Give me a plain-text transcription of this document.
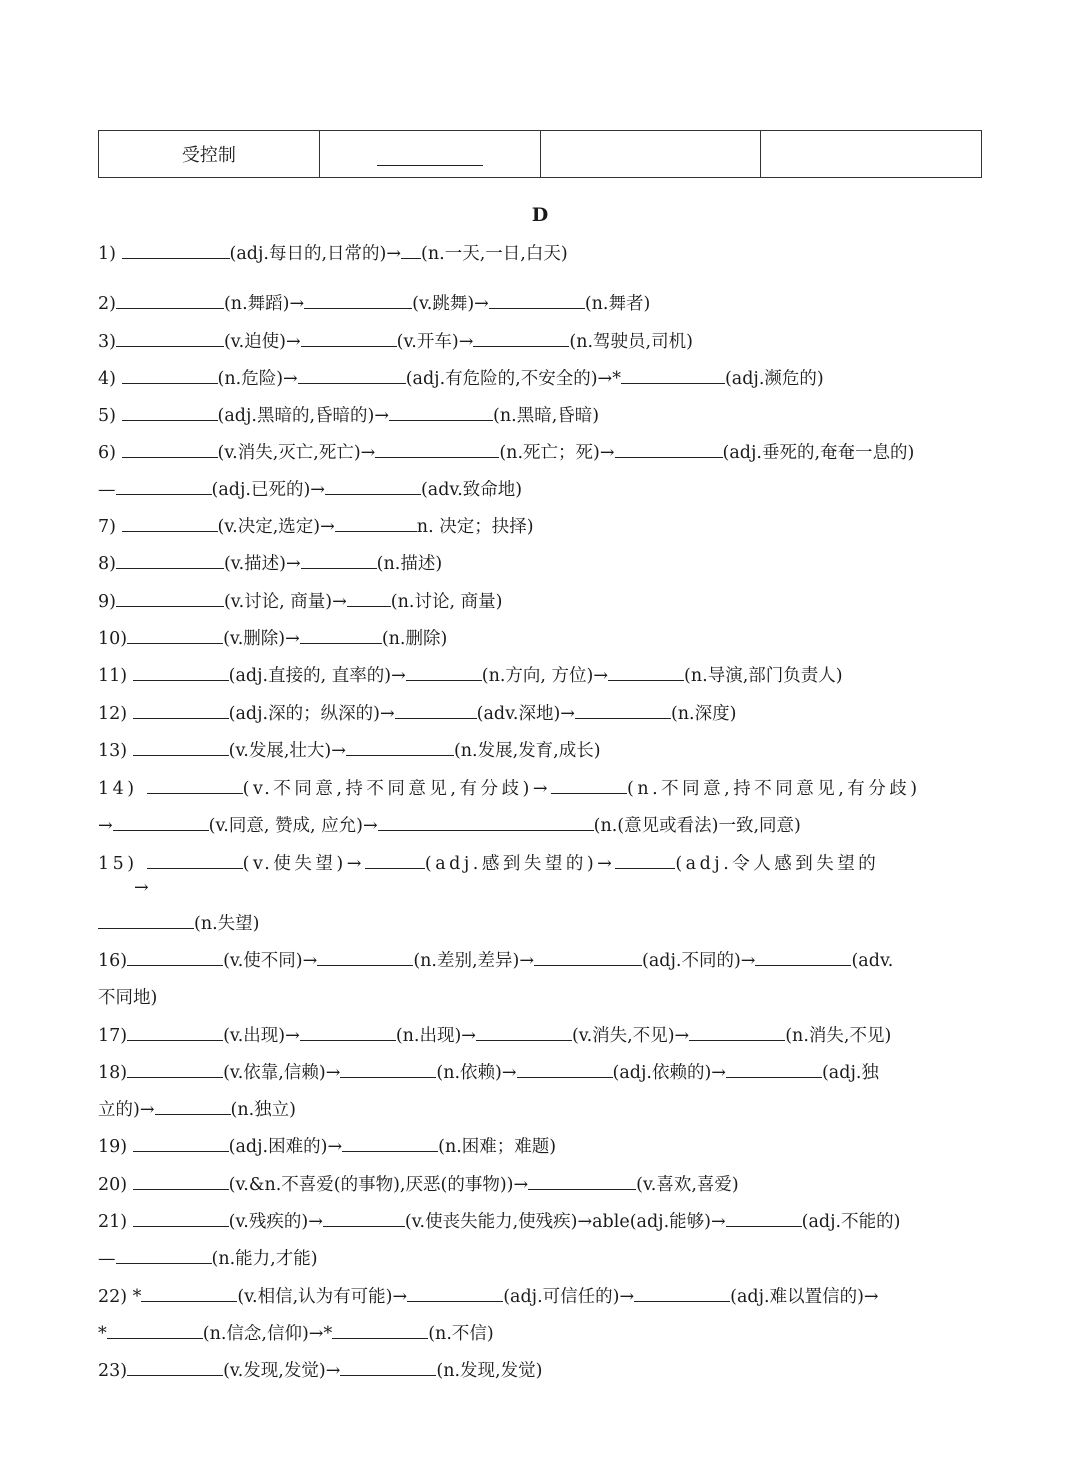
受控制
D
1)	(adj.每日的,日常的)→ (n.一天,一日,白天)
2)	(n.舞蹈)→	(v.跳舞)→	(n.舞者)
3)	(v.迫使)→	(v.开车)→	(n.驾驶员,司机)
4)	(n.危险)→	(adj.有危险的,不安全的)→*	(adj.濒危的)
5)	(adj.黑暗的,昏暗的)→	(n.黑暗,昏暗)
6)	(v.消失,灭亡,死亡)→	(n.死亡；死)→	(adj.垂死的,奄奄一息的)
—	(adj.已死的)→	(adv.致命地)
7)	(v.决定,选定)→	n. 决定；抉择)
8)	(v.描述)→	(n.描述)
9)	(v.讨论, 商量)→	(n.讨论, 商量)
10)	(v.删除)→	(n.删除)
11)	(adj.直接的, 直率的)→	(n.方向, 方位)→	(n.导演,部门负责人)
12)	(adj.深的；纵深的)→	(adv.深地)→	(n.深度)
13)	(v.发展,壮大)→	(n.发展,发育,成长)
14)	(v.不同意,持不同意见,有分歧)→	(n.不同意,持不同意见,有分歧)
→	(v.同意, 赞成, 应允)→	(n.(意见或看法)一致,同意)
15)	(v.使失望)→	(adj.感到失望的)→	(adj.令人感到失望的
→
(n.失望)
16)	(v.使不同)→	(n.差别,差异)→	(adj.不同的)→	(adv.
不同地)
17)	(v.出现)→	(n.出现)→	(v.消失,不见)→	(n.消失,不见)
18)	(v.依靠,信赖)→	(n.依赖)→	(adj.依赖的)→	(adj.独
立的)→	(n.独立)
19)	(adj.困难的)→	(n.困难；难题)
20)	(v.&n.不喜爱(的事物),厌恶(的事物))→	(v.喜欢,喜爱)
21)	(v.残疾的)→	(v.使丧失能力,使残疾)→able(adj.能够)→	(adj.不能的)
—	(n.能力,才能)
22) *	(v.相信,认为有可能)→	(adj.可信任的)→	(adj.难以置信的)→
*	(n.信念,信仰)→*	(n.不信)
23)	(v.发现,发觉)→	(n.发现,发觉)
